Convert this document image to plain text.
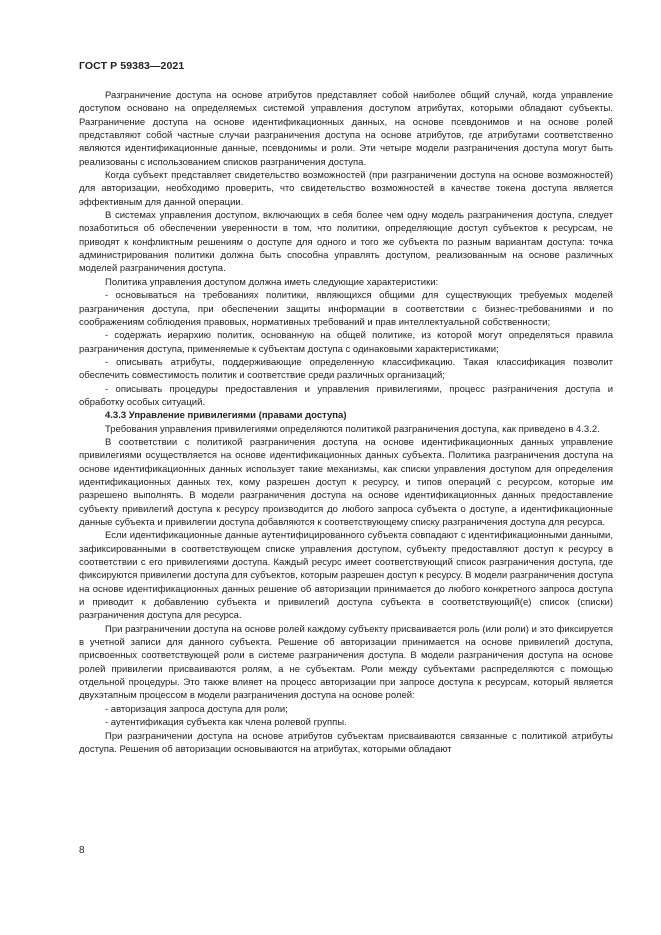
ГОСТ Р 59383—2021

Разграничение доступа на основе атрибутов представляет собой наиболее общий случай, когда управление доступом основано на определяемых системой управления доступом атрибутах, которыми обладают субъекты. Разграничение доступа на основе идентификационных данных, на основе псевдонимов и на основе ролей представляют собой частные случаи разграничения доступа на основе атрибутов, где атрибутами соответственно являются идентификационные данные, псевдонимы и роли. Эти четыре модели разграничения доступа могут быть реализованы с использованием списков разграничения доступа.

Когда субъект представляет свидетельство возможностей (при разграничении доступа на основе возможностей) для авторизации, необходимо проверить, что свидетельство возможностей в качестве токена доступа является эффективным для данной операции.

В системах управления доступом, включающих в себя более чем одну модель разграничения доступа, следует позаботиться об обеспечении уверенности в том, что политики, определяющие доступ субъектов к ресурсам, не приводят к конфликтным решениям о доступе для одного и того же субъекта по разным вариантам доступа: точка администрирования политики должна быть способна управлять доступом, реализованным на основе различных моделей разграничения доступа.

Политика управления доступом должна иметь следующие характеристики:

- основываться на требованиях политики, являющихся общими для существующих требуемых моделей разграничения доступа, при обеспечении защиты информации в соответствии с бизнес-требованиями и по соображениям соблюдения правовых, нормативных требований и прав интеллектуальной собственности;

- содержать иерархию политик, основанную на общей политике, из которой могут определяться правила разграничения доступа, применяемые к субъектам доступа с одинаковыми характеристиками;

- описывать атрибуты, поддерживающие определенную классификацию. Такая классификация позволит обеспечить совместимость политик и соответствие среди различных организаций;

- описывать процедуры предоставления и управления привилегиями, процесс разграничения доступа и обработку особых ситуаций.

4.3.3 Управление привилегиями (правами доступа)

Требования управления привилегиями определяются политикой разграничения доступа, как приведено в 4.3.2.

В соответствии с политикой разграничения доступа на основе идентификационных данных управление привилегиями осуществляется на основе идентификационных данных субъекта. Политика разграничения доступа на основе идентификационных данных использует такие механизмы, как списки управления доступом для определения идентификационных данных тех, кому разрешен доступ к ресурсу, и типов операций с ресурсом, которые им разрешено выполнять. В модели разграничения доступа на основе идентификационных данных предоставление субъекту привилегий доступа к ресурсу производится до любого запроса субъекта о доступе, а идентификационные данные субъекта и привилегии доступа добавляются к соответствующему списку разграничения доступа для ресурса.

Если идентификационные данные аутентифицированного субъекта совпадают с идентификационными данными, зафиксированными в соответствующем списке управления доступом, субъекту предоставляют доступ к ресурсу в соответствии с его привилегиями доступа. Каждый ресурс имеет соответствующий список разграничения доступа, где фиксируются привилегии доступа для субъектов, которым разрешен доступ к ресурсу. В модели разграничения доступа на основе идентификационных данных решение об авторизации принимается до любого конкретного запроса доступа и приводит к добавлению субъекта и привилегий доступа субъекта в соответствующий(е) список (списки) разграничения доступа для ресурса.

При разграничении доступа на основе ролей каждому субъекту присваивается роль (или роли) и это фиксируется в учетной записи для данного субъекта. Решение об авторизации принимается на основе привилегий доступа, присвоенных соответствующей роли в системе разграничения доступа. В модели разграничения доступа на основе ролей привилегии присваиваются ролям, а не субъектам. Роли между субъектами распределяются с помощью отдельной процедуры. Это также влияет на процесс авторизации при запросе доступа к ресурсам, который является двухэтапным процессом в модели разграничения доступа на основе ролей:

- авторизация запроса доступа для роли;

- аутентификация субъекта как члена ролевой группы.

При разграничении доступа на основе атрибутов субъектам присваиваются связанные с политикой атрибуты доступа. Решения об авторизации основываются на атрибутах, которыми обладают

8
